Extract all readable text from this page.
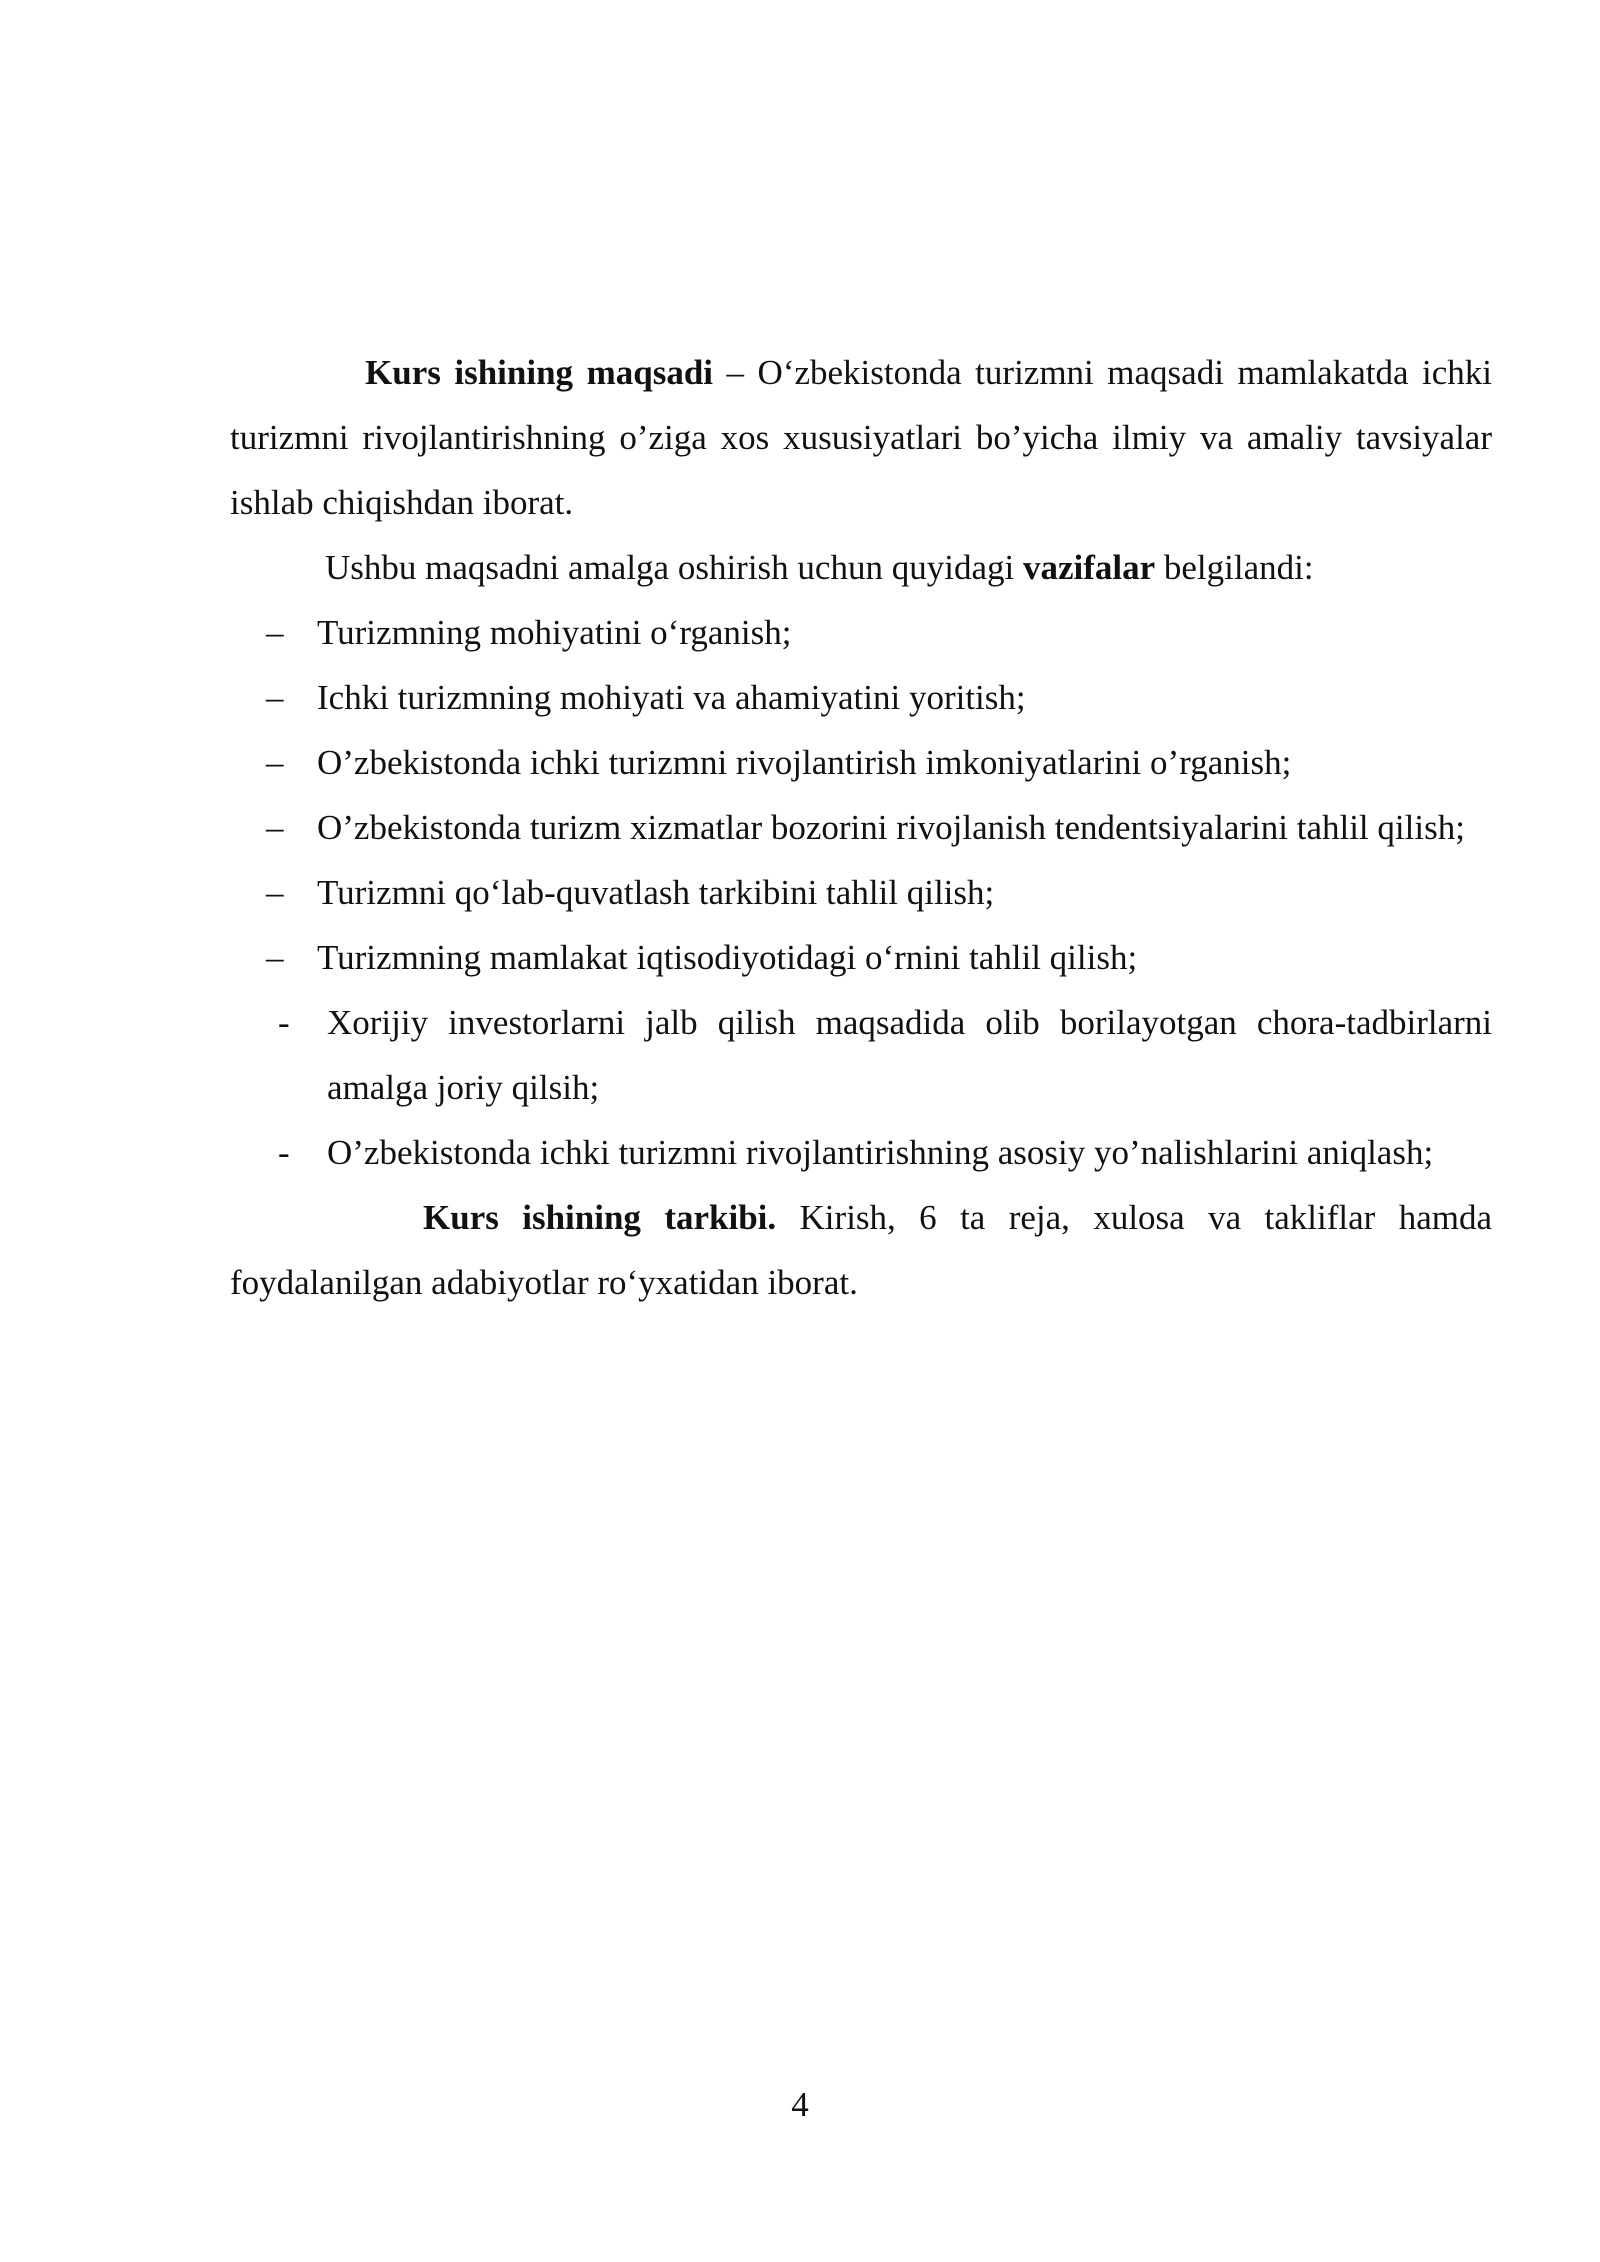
Kurs ishining maqsadi – O‘zbekistonda turizmni maqsadi mamlakatda ichki turizmni rivojlantirishning o’ziga xos xususiyatlari bo’yicha ilmiy va amaliy tavsiyalar ishlab chiqishdan iborat.

Ushbu maqsadni amalga oshirish uchun quyidagi vazifalar belgilandi:

– Turizmning mohiyatini o‘rganish;
– Ichki turizmning mohiyati va ahamiyatini yoritish;
– O’zbekistonda ichki turizmni rivojlantirish imkoniyatlarini o’rganish;
– O’zbekistonda turizm xizmatlar bozorini rivojlanish tendentsiyalarini tahlil qilish;
– Turizmni qo‘lab-quvatlash tarkibini tahlil qilish;
– Turizmning mamlakat iqtisodiyotidagi o‘rnini tahlil qilish;
- Xorijiy investorlarni jalb qilish maqsadida olib borilayotgan chora-tadbirlarni amalga joriy qilsih;
- O’zbekistonda ichki turizmni rivojlantirishning asosiy yo’nalishlarini aniqlash;

Kurs ishining tarkibi. Kirish, 6 ta reja, xulosa va takliflar hamda foydalanilgan adabiyotlar ro‘yxatidan iborat.

4
